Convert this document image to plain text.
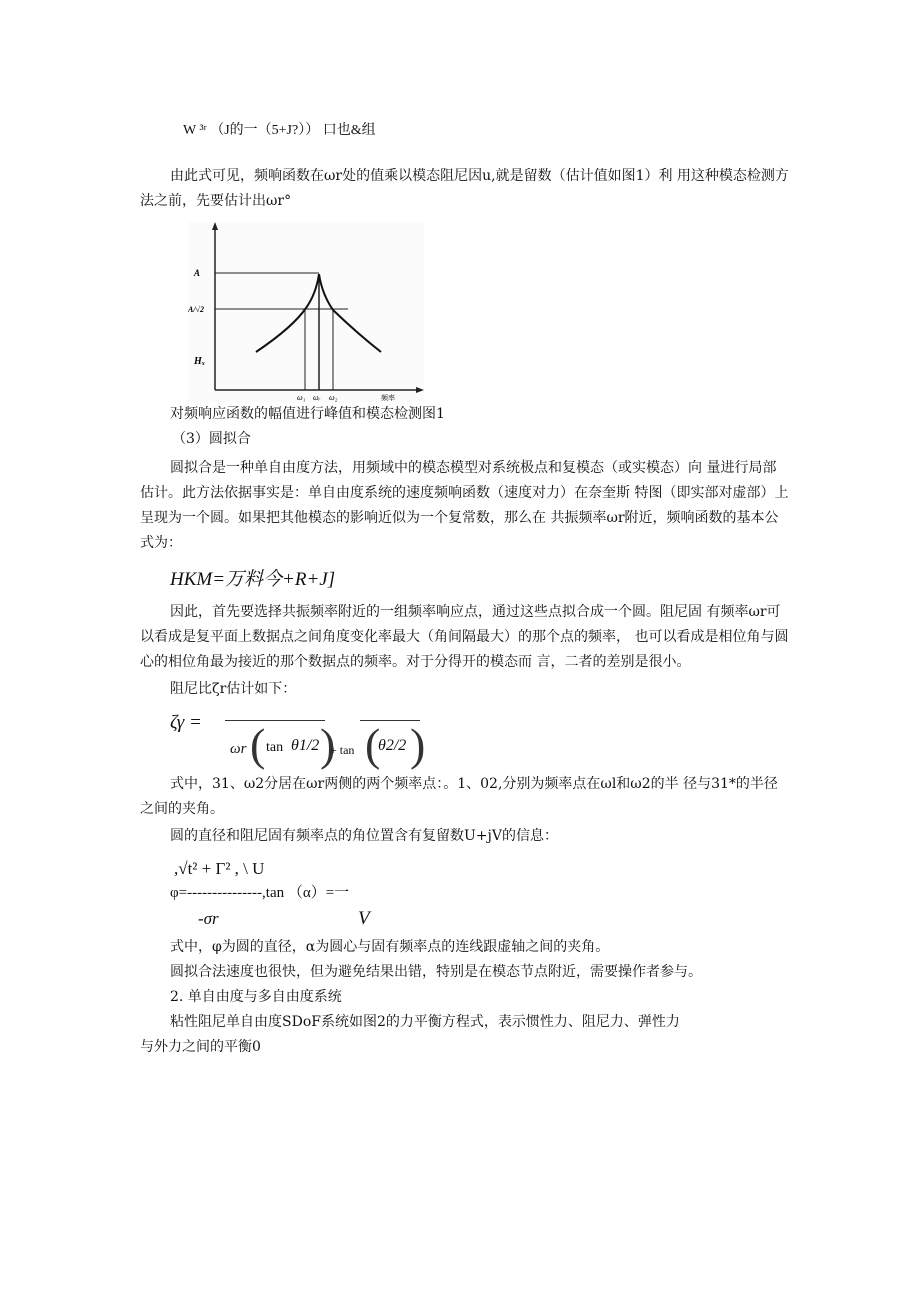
W ³ʳ （J的一（5+J?）） 口也&组

由此式可见，频响函数在ωr处的值乘以模态阻尼因u,就是留数（估计值如图1）利 用这种模态检测方法之前，先要估计出ωr°

A
A/√2
Hₓ
ω₁ ωᵣ ω₂	频率
对频响应函数的幅值进行峰值和模态检测图1
（3）圆拟合

圆拟合是一种单自由度方法，用频域中的模态模型对系统极点和复模态（或实模态）向 量进行局部估计。此方法依据事实是：单自由度系统的速度频响函数（速度对力）在奈奎斯 特图（即实部对虚部）上呈现为一个圆。如果把其他模态的影响近似为一个复常数，那么在 共振频率ωr附近，频响函数的基本公式为：

HKM=万料今+R+J]

因此，首先要选择共振频率附近的一组频率响应点，通过这些点拟合成一个圆。阻尼固 有频率ωr可以看成是复平面上数据点之间角度变化率最大（角间隔最大）的那个点的频率， 也可以看成是相位角与圆心的相位角最为接近的那个数据点的频率。对于分得开的模态而 言，二者的差别是很小。

阻尼比ζr估计如下：
ζγ =
ωr ( tan θ1/2 )
+ tan (
θ2/2 )

式中，31、ω2分居在ωr两侧的两个频率点：。1、02,分别为频率点在ωl和ω2的半 径与31*的半径之间的夹角。

圆的直径和阻尼固有频率点的角位置含有复留数U+jV的信息：
,√t² + Γ² , \ U
φ=---------------,tan （α）=一
-σr	V
式中，φ为圆的直径，α为圆心与固有频率点的连线跟虚轴之间的夹角。
圆拟合法速度也很快，但为避免结果出错，特别是在模态节点附近，需要操作者参与。
2. 单自由度与多自由度系统
粘性阻尼单自由度SDoF系统如图2的力平衡方程式，表示惯性力、阻尼力、弹性力
与外力之间的平衡0
